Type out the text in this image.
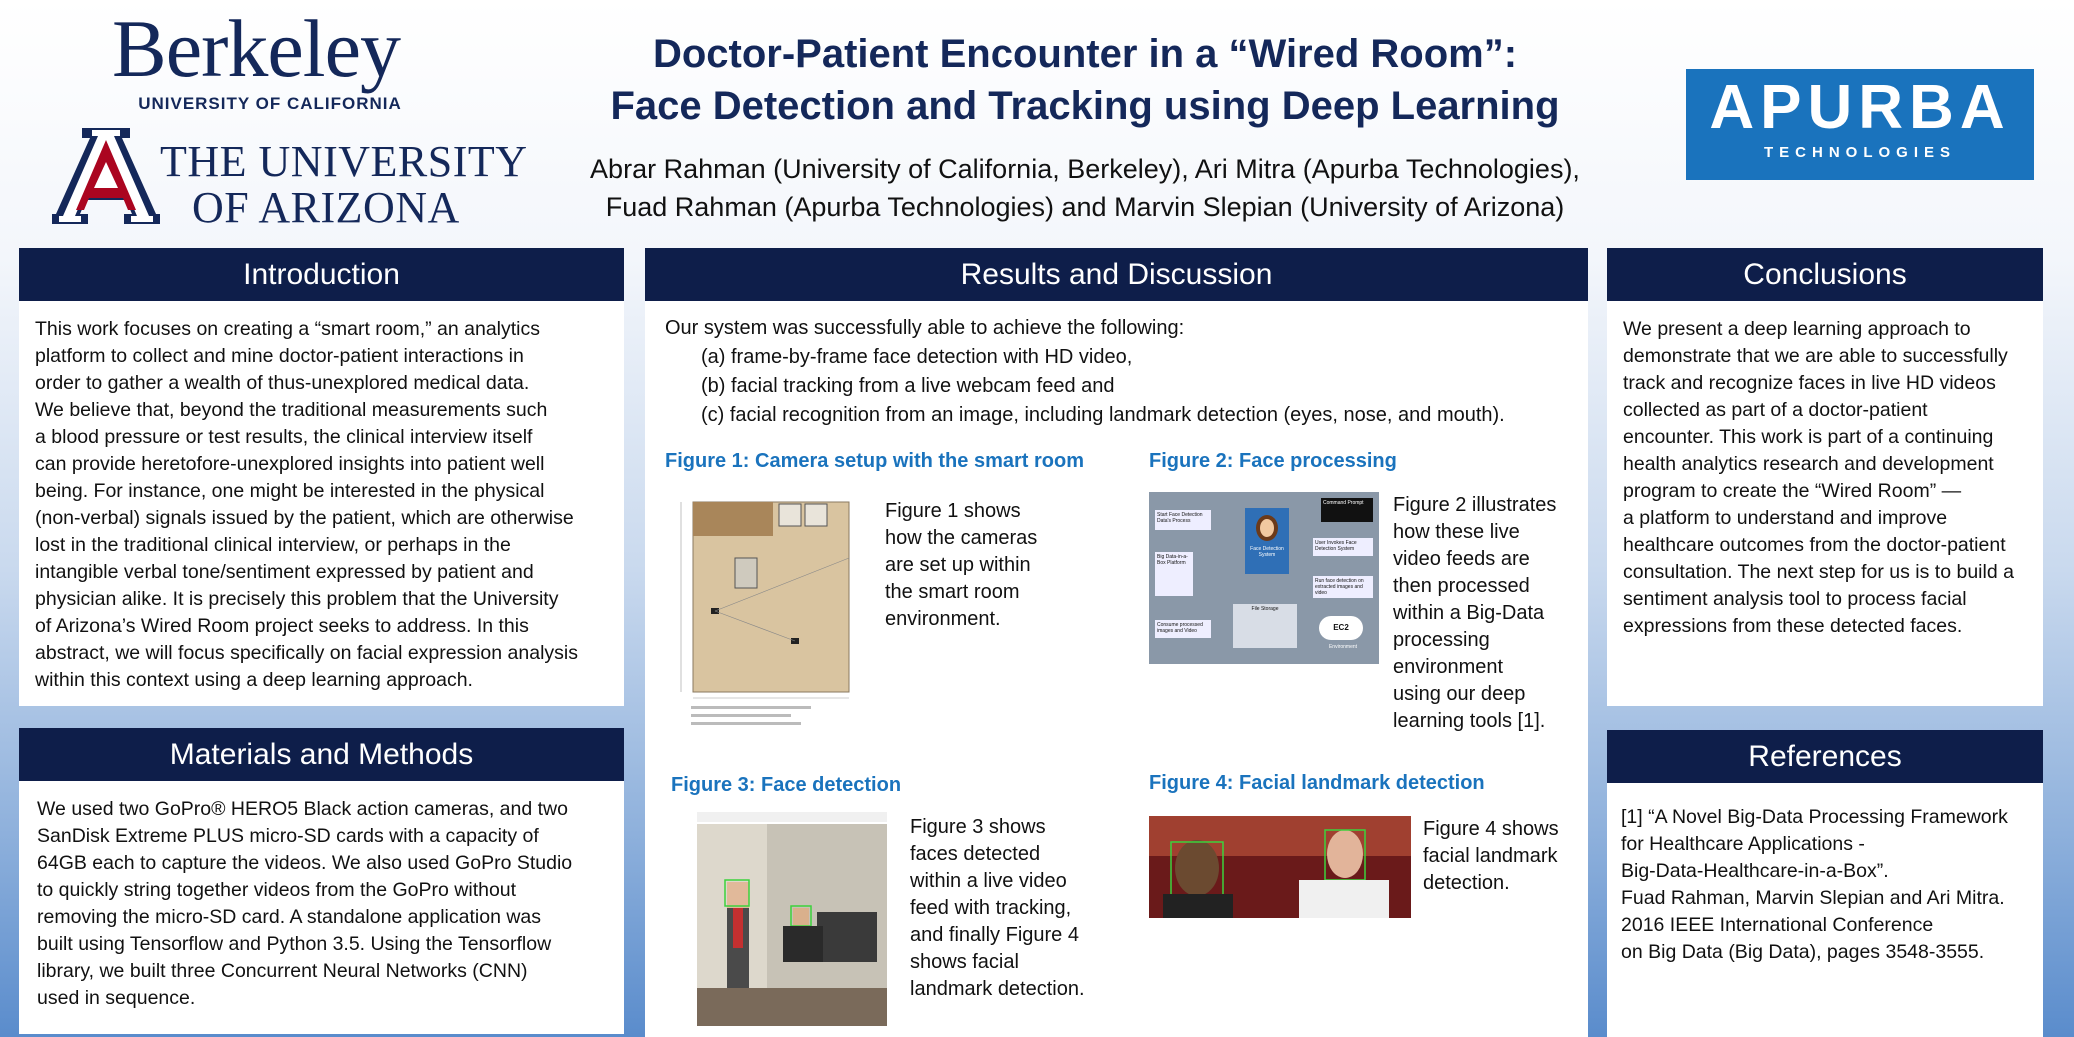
Berkeley
UNIVERSITY OF CALIFORNIA
THE UNIVERSITY
OF ARIZONA
Doctor-Patient Encounter in a “Wired Room”:
Face Detection and Tracking using Deep Learning
Abrar Rahman (University of California, Berkeley), Ari Mitra (Apurba Technologies),
Fuad Rahman (Apurba Technologies) and Marvin Slepian (University of Arizona)
APURBA
TECHNOLOGIES
Introduction
This work focuses on creating a “smart room,” an analytics
platform to collect and mine doctor-patient interactions in
order to gather a wealth of thus-unexplored medical data.
We believe that, beyond the traditional measurements such
a blood pressure or test results, the clinical interview itself
can provide heretofore-unexplored insights into patient well
being. For instance, one might be interested in the physical
(non-verbal) signals issued by the patient, which are otherwise
lost in the traditional clinical interview, or perhaps in the
intangible verbal tone/sentiment expressed by patient and
physician alike. It is precisely this problem that the University
of Arizona’s Wired Room project seeks to address. In this
abstract, we will focus specifically on facial expression analysis
within this context using a deep learning approach.
Materials and Methods
We used two GoPro® HERO5 Black action cameras, and two
SanDisk Extreme PLUS micro-SD cards with a capacity of
64GB each to capture the videos. We also used GoPro Studio
to quickly string together videos from the GoPro without
removing the micro-SD card. A standalone application was
built using Tensorflow and Python 3.5. Using the Tensorflow
library, we built three Concurrent Neural Networks (CNN)
used in sequence.
Results and Discussion
Our system was successfully able to achieve the following:
(a) frame-by-frame face detection with HD video,
(b) facial tracking from a live webcam feed and
(c) facial recognition from an image, including landmark detection (eyes, nose, and mouth).
Figure 1: Camera setup with the smart room
Figure 1 shows
how the cameras
are set up within
the smart room
environment.
Figure 2: Face processing
Start Face Detection Data's Process
Command Prompt
Face Detection System
User Invokes Face Detection System
Big Data-in-a-Box Platform
Run face detection on extracted images and video
Consume processed images and Video
File Storage
EC2
Environment
Figure 2 illustrates
how these live
video feeds are
then processed
within a Big-Data
processing
environment
using our deep
learning tools [1].
Figure 3: Face detection
Figure 3 shows
faces detected
within a live video
feed with tracking,
and finally Figure 4
shows facial
landmark detection.
Figure 4: Facial landmark detection
Figure 4 shows
facial landmark
detection.
Conclusions
We present a deep learning approach to
demonstrate that we are able to successfully
track and recognize faces in live HD videos
collected as part of a doctor-patient
encounter. This work is part of a continuing
health analytics research and development
program to create the “Wired Room” —
a platform to understand and improve
healthcare outcomes from the doctor-patient
consultation. The next step for us is to build a
sentiment analysis tool to process facial
expressions from these detected faces.
References
[1] “A Novel Big-Data Processing Framework
for Healthcare Applications -
Big-Data-Healthcare-in-a-Box”.
Fuad Rahman, Marvin Slepian and Ari Mitra.
2016 IEEE International Conference
on Big Data (Big Data), pages 3548-3555.
